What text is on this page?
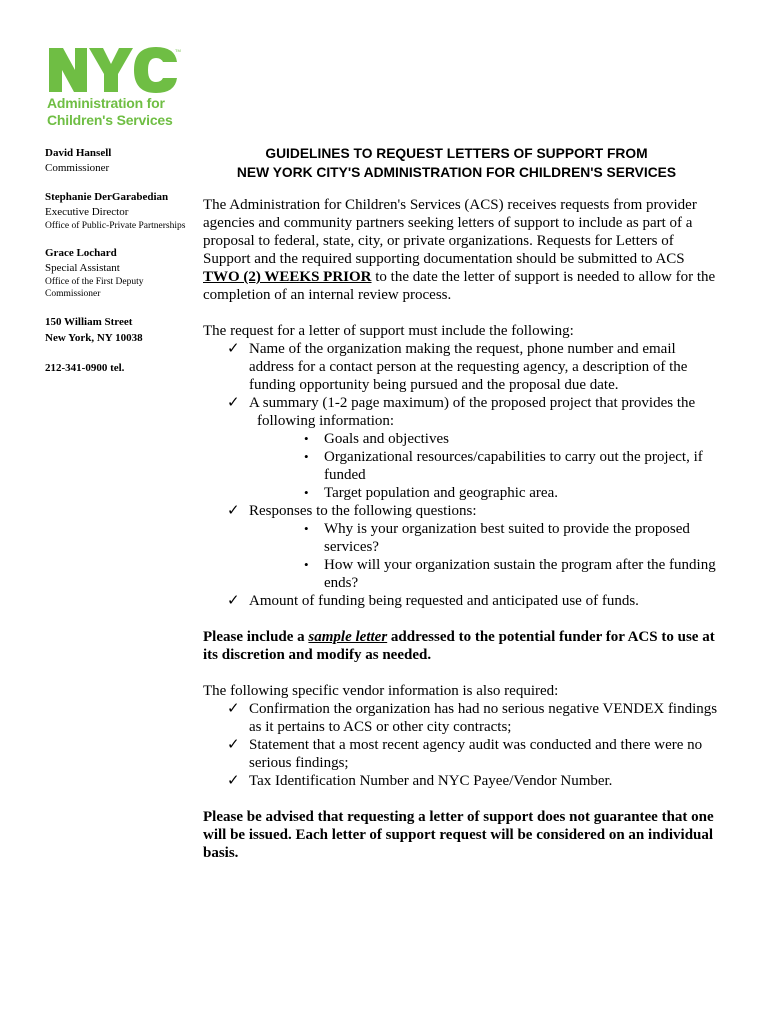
TM
Administration for
Children's Services
David Hansell
Commissioner
Stephanie DerGarabedian
Executive Director
Office of Public-Private Partnerships
Grace Lochard
Special Assistant
Office of the First Deputy Commissioner
150 William Street
New York, NY 10038
212-341-0900 tel.
GUIDELINES TO REQUEST LETTERS OF SUPPORT FROM
NEW YORK CITY'S ADMINISTRATION FOR CHILDREN'S SERVICES

The Administration for Children's Services (ACS) receives requests from provider agencies and community partners seeking letters of support to include as part of a proposal to federal, state, city, or private organizations. Requests for Letters of Support and the required supporting documentation should be submitted to ACS TWO (2) WEEKS PRIOR to the date the letter of support is needed to allow for the completion of an internal review process.

The request for a letter of support must include the following:

✓ Name of the organization making the request, phone number and email address for a contact person at the requesting agency, a description of the funding opportunity being pursued and the proposal due date.
✓ A summary (1-2 page maximum) of the proposed project that provides the
following information:
• Goals and objectives
• Organizational resources/capabilities to carry out the project, if funded
• Target population and geographic area.
✓ Responses to the following questions:
• Why is your organization best suited to provide the proposed services?
• How will your organization sustain the program after the funding ends?
✓ Amount of funding being requested and anticipated use of funds.

Please include a sample letter addressed to the potential funder for ACS to use at its discretion and modify as needed.

The following specific vendor information is also required:

✓ Confirmation the organization has had no serious negative VENDEX findings as it pertains to ACS or other city contracts;
✓ Statement that a most recent agency audit was conducted and there were no serious findings;
✓ Tax Identification Number and NYC Payee/Vendor Number.

Please be advised that requesting a letter of support does not guarantee that one will be issued. Each letter of support request will be considered on an individual basis.
